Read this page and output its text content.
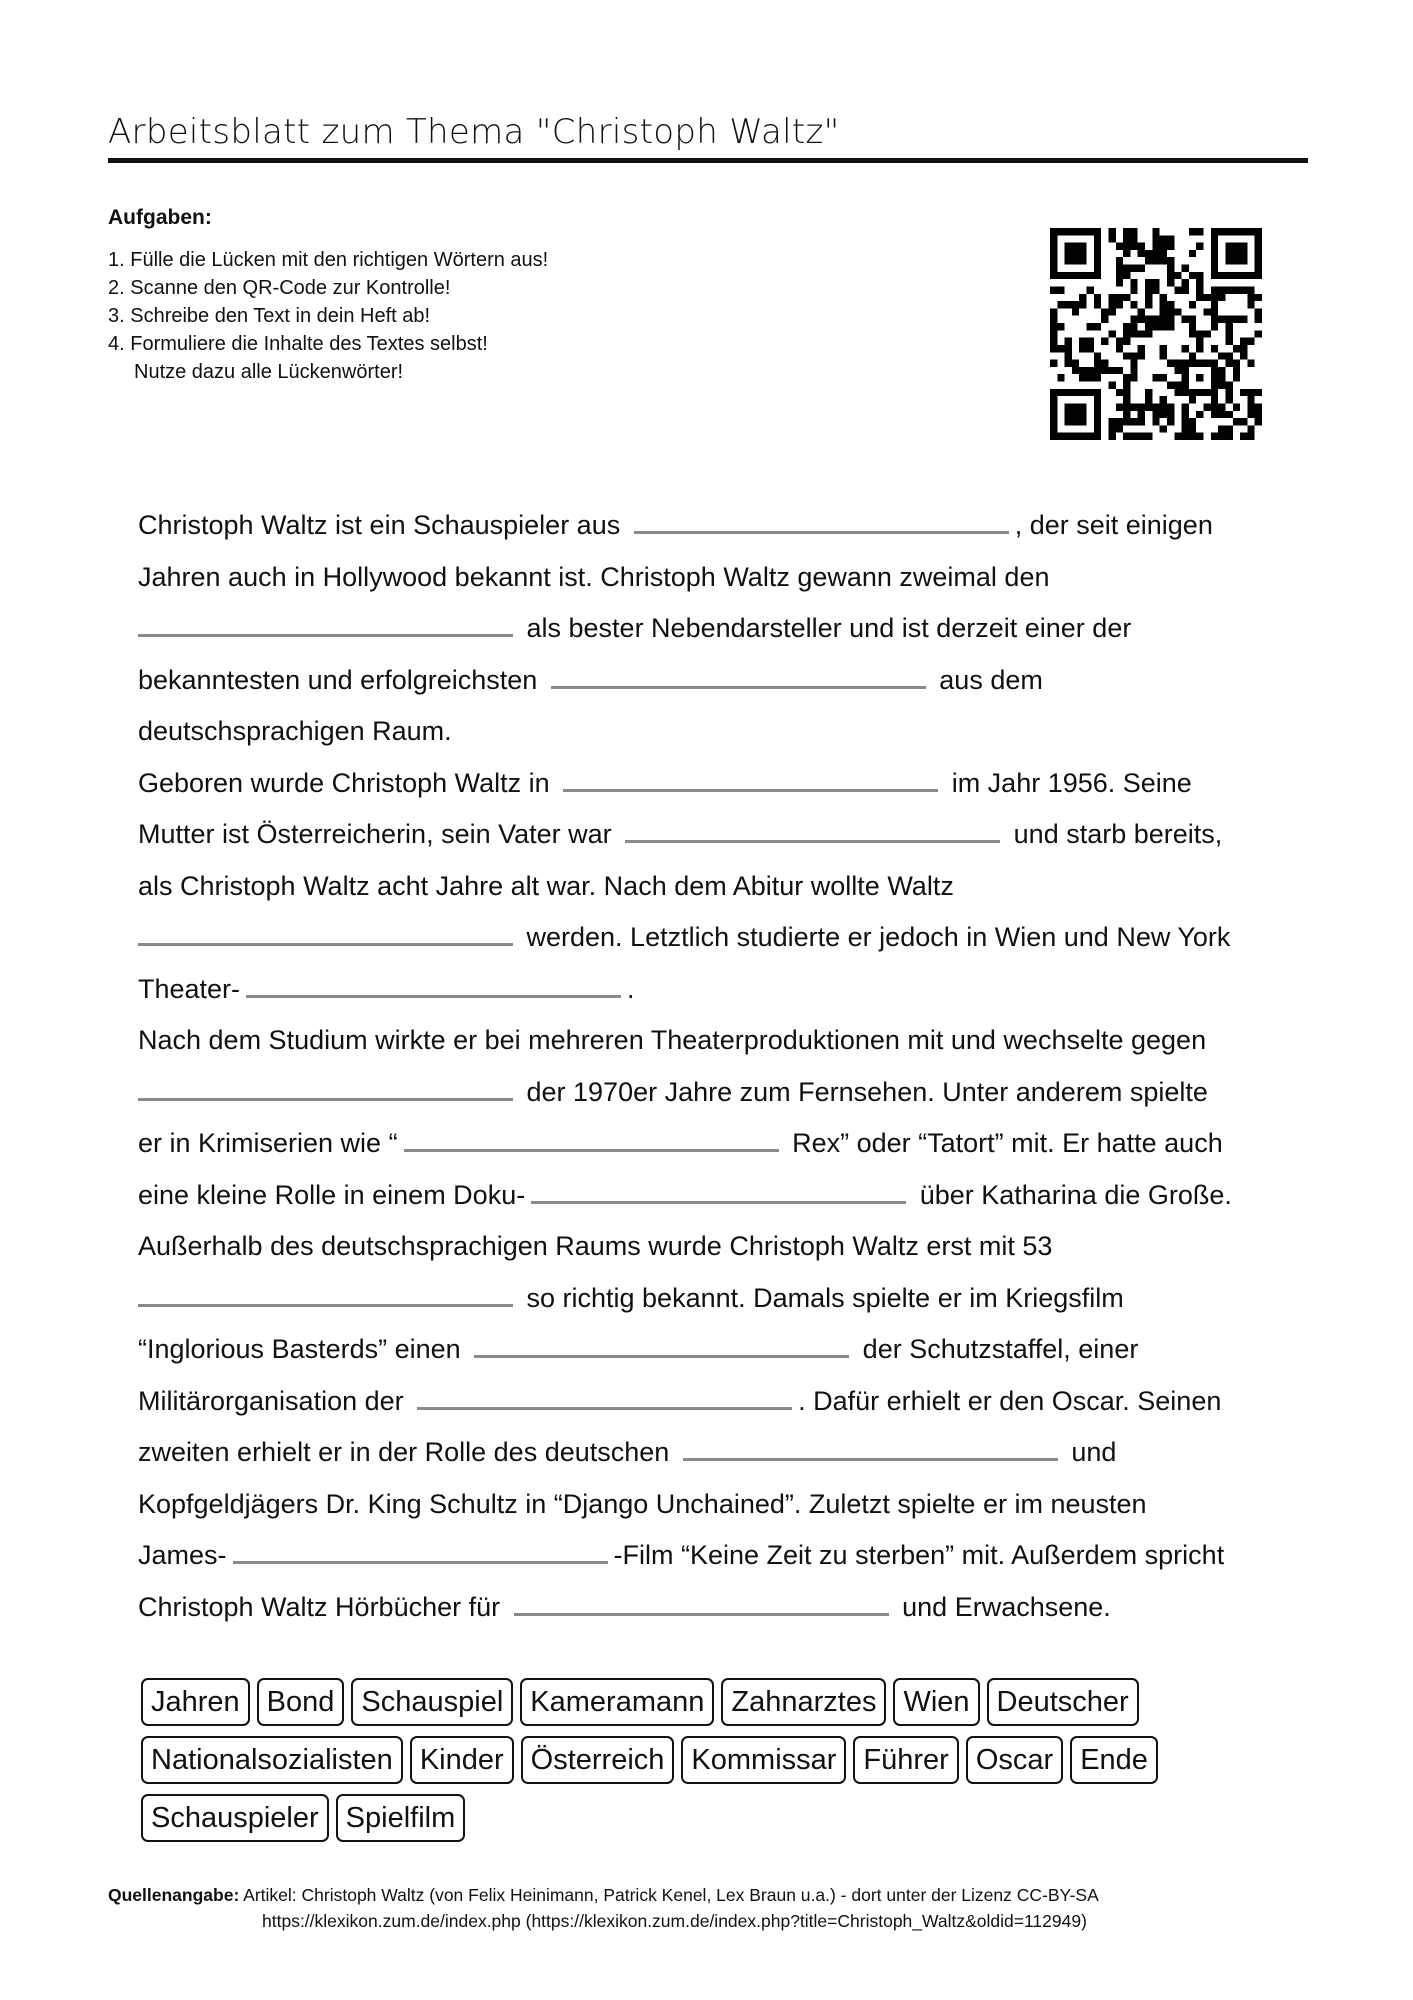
Arbeitsblatt zum Thema "Christoph Waltz"
Aufgaben:
1. Fülle die Lücken mit den richtigen Wörtern aus!
2. Scanne den QR-Code zur Kontrolle!
3. Schreibe den Text in dein Heft ab!
4. Formuliere die Inhalte des Textes selbst!
Nutze dazu alle Lückenwörter!
Christoph Waltz ist ein Schauspieler aus	, der seit einigen
Jahren auch in Hollywood bekannt ist. Christoph Waltz gewann zweimal den
als bester Nebendarsteller und ist derzeit einer der
bekanntesten und erfolgreichsten	aus dem
deutschsprachigen Raum.
Geboren wurde Christoph Waltz in	im Jahr 1956. Seine
Mutter ist Österreicherin, sein Vater war	und starb bereits,
als Christoph Waltz acht Jahre alt war. Nach dem Abitur wollte Waltz
werden. Letztlich studierte er jedoch in Wien und New York
Theater-	.
Nach dem Studium wirkte er bei mehreren Theaterproduktionen mit und wechselte gegen
der 1970er Jahre zum Fernsehen. Unter anderem spielte
er in Krimiserien wie “	Rex” oder “Tatort” mit. Er hatte auch
eine kleine Rolle in einem Doku-	über Katharina die Große.
Außerhalb des deutschsprachigen Raums wurde Christoph Waltz erst mit 53
so richtig bekannt. Damals spielte er im Kriegsfilm
“Inglorious Basterds” einen	der Schutzstaffel, einer
Militärorganisation der	. Dafür erhielt er den Oscar. Seinen
zweiten erhielt er in der Rolle des deutschen	und
Kopfgeldjägers Dr. King Schultz in “Django Unchained”. Zuletzt spielte er im neusten
James-	-Film “Keine Zeit zu sterben” mit. Außerdem spricht
Christoph Waltz Hörbücher für	und Erwachsene.
Jahren Bond Schauspiel Kameramann Zahnarztes Wien Deutscher
Nationalsozialisten Kinder Österreich Kommissar Führer Oscar Ende
Schauspieler Spielfilm
Quellenangabe: Artikel: Christoph Waltz (von Felix Heinimann, Patrick Kenel, Lex Braun u.a.) - dort unter der Lizenz CC-BY-SA
https://klexikon.zum.de/index.php (https://klexikon.zum.de/index.php?title=Christoph_Waltz&oldid=112949)
